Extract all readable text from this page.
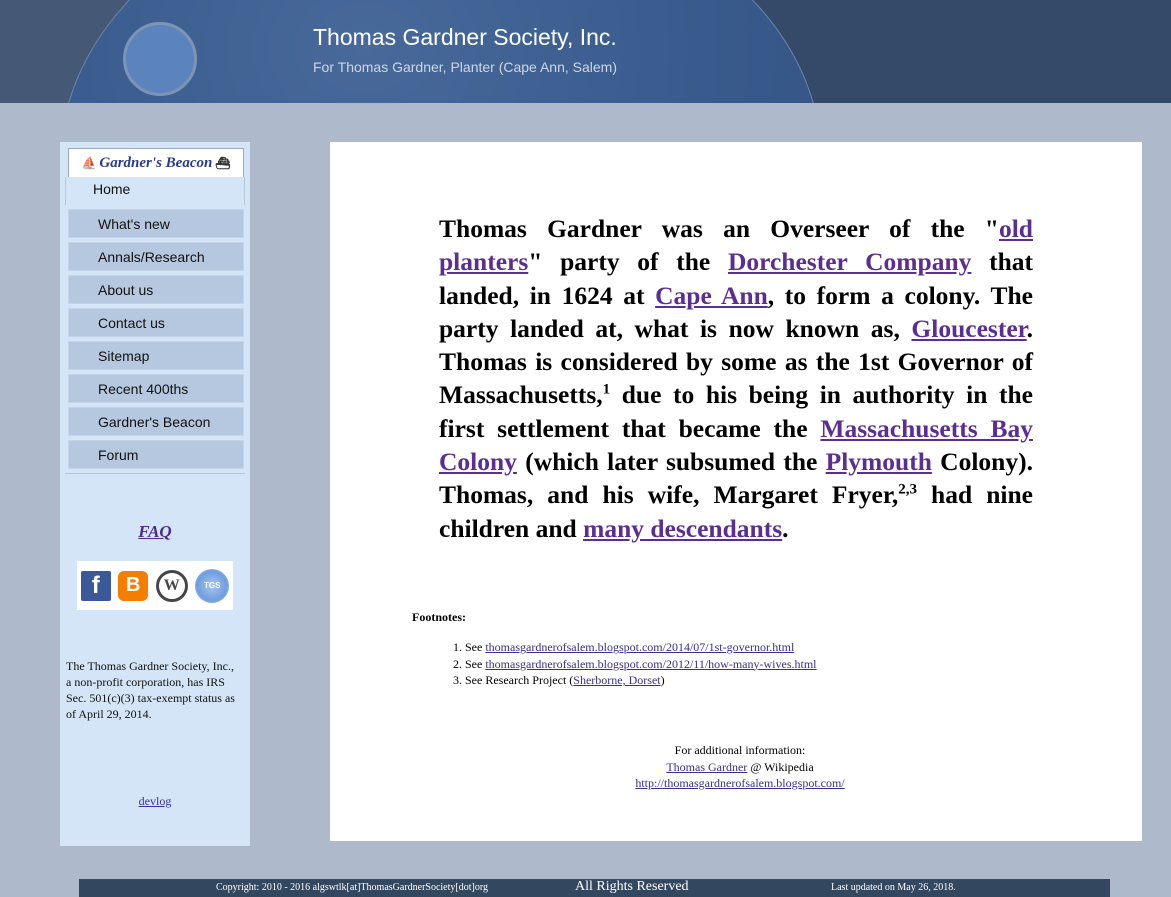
Thomas Gardner Society, Inc.
For Thomas Gardner, Planter (Cape Ann, Salem)
⛵ Gardner's Beacon ⛴
Home
What's new
Annals/Research
About us
Contact us
Sitemap
Recent 400ths
Gardner's Beacon
Forum
FAQ
f	B	W	TGS
The Thomas Gardner Society, Inc., a non-profit corporation, has IRS Sec. 501(c)(3) tax-exempt status as of April 29, 2014.
devlog
Thomas Gardner was an Overseer of the "old planters" party of the Dorchester Company that landed, in 1624 at Cape Ann, to form a colony. The party landed at, what is now known as, Gloucester. Thomas is considered by some as the 1st Governor of Massachusetts,$^1$ due to his being in authority in the first settlement that became the Massachusetts Bay Colony (which later subsumed the Plymouth Colony). Thomas, and his wife, Margaret Fryer,$^{2,3}$ had nine children and many descendants.
Footnotes:
1. See thomasgardnerofsalem.blogspot.com/2014/07/1st-governor.html
2. See thomasgardnerofsalem.blogspot.com/2012/11/how-many-wives.html
3. See Research Project (Sherborne, Dorset)
For additional information:
Thomas Gardner @ Wikipedia
http://thomasgardnerofsalem.blogspot.com/
Copyright: 2010 - 2016 algswtlk[at]ThomasGardnerSociety[dot]org	All Rights Reserved	Last updated on May 26, 2018.
